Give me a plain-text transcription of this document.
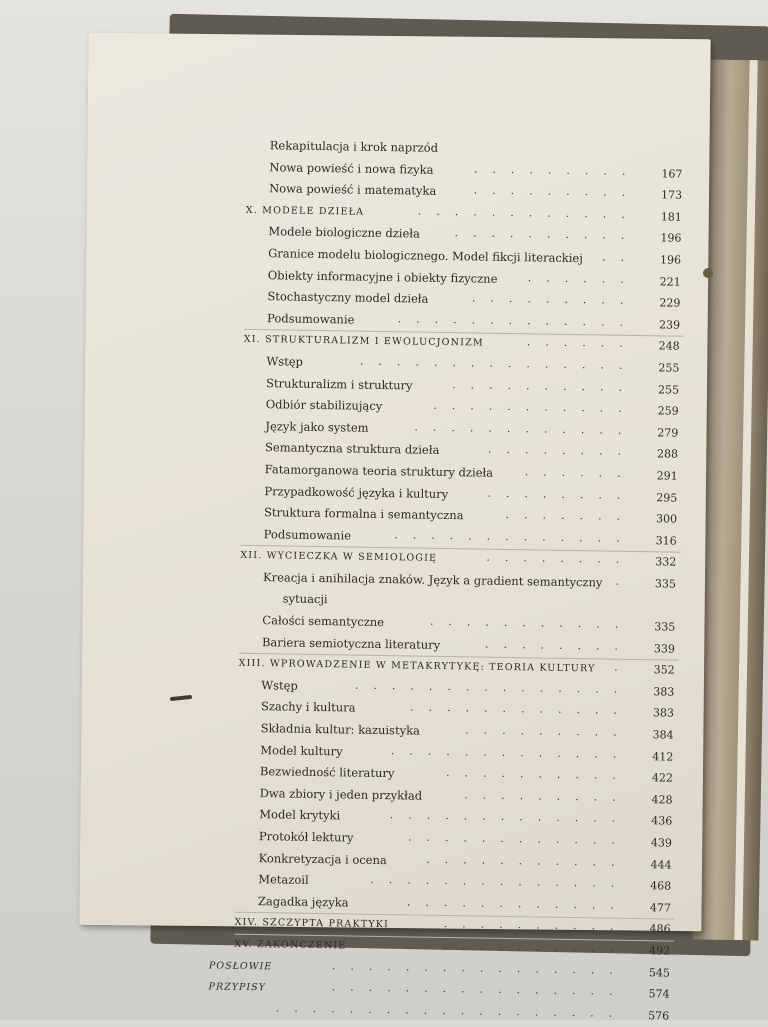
Rekapitulacja i krok naprzód
Nowa powieść i nowa fizyka	.........	167
Nowa powieść i matematyka	.........	173
X. MODELE DZIEŁA	............	181
Modele biologiczne dzieła	..........	196
Granice modelu biologicznego. Model fikcji literackiej	..	196
Obiekty informacyjne i obiekty fizyczne	......	221
Stochastyczny model dzieła	.........	229
Podsumowanie	.............	239
XI. STRUKTURALIZM I EWOLUCJONIZM	......	248
Wstęp	...............	255
Strukturalizm i struktury	..........	255
Odbiór stabilizujący	...........	259
Język jako system	............	279
Semantyczna struktura dzieła	........	288
Fatamorganowa teoria struktury dzieła	......	291
Przypadkowość języka i kultury	........	295
Struktura formalna i semantyczna	.......	300
Podsumowanie	.............	316
XII. WYCIECZKA W SEMIOLOGIĘ	........	332
Kreacja i anihilacja znaków. Język a gradient semantyczny	.	335
sytuacji
Całości semantyczne	...........	335
Bariera semiotyczna literatury	........	339
XIII. WPROWADZENIE W METAKRYTYKĘ: TEORIA KULTURY	.	352
Wstęp	...............	383
Szachy i kultura	............	383
Składnia kultur: kazuistyka	.........	384
Model kultury	.............	412
Bezwiedność literatury	..........	422
Dwa zbiory i jeden przykład	.........	428
Model krytyki	.............	436
Protokół lektury	............	439
Konkretyzacja i ocena	...........	444
Metazoil	..............	468
Zagadka języka	............	477
XIV. SZCZYPTA PRAKTYKI	..........	486
XV. ZAKOŃCZENIE	............	492
POSŁOWIE	................	545
PRZYPISY	................	574
...................	576
